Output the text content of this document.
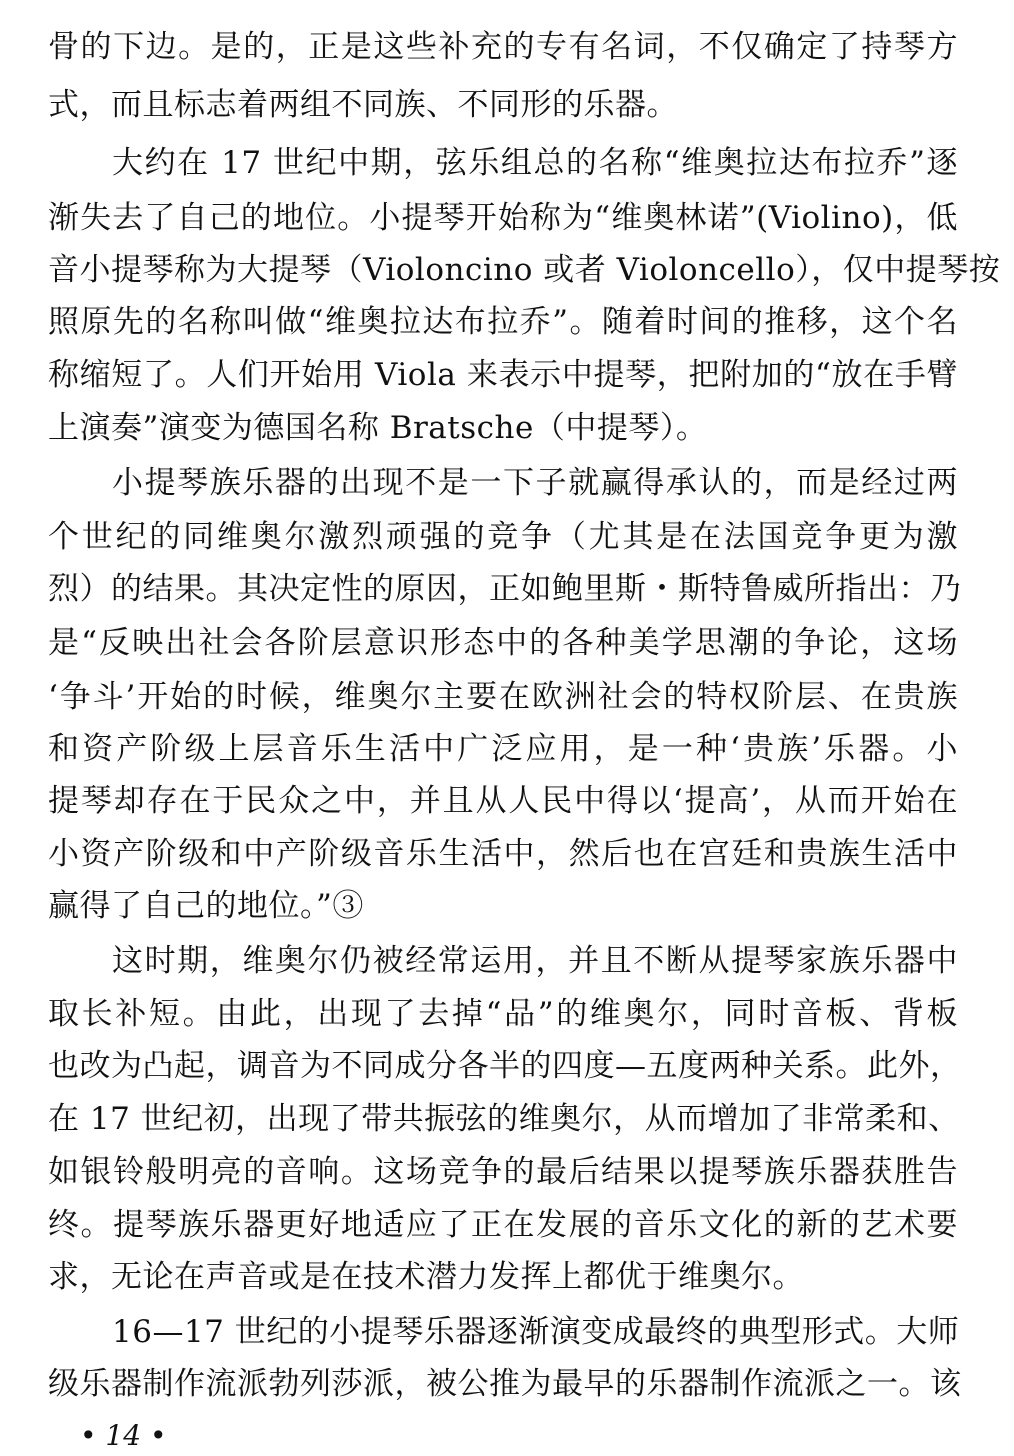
骨的下边。是的，正是这些补充的专有名词，不仅确定了持琴方
式，而且标志着两组不同族、不同形的乐器。
大约在 17 世纪中期，弦乐组总的名称“维奥拉达布拉乔”逐
渐失去了自己的地位。小提琴开始称为“维奥林诺”(Violino)，低
音小提琴称为大提琴（Violoncino 或者 Violoncello），仅中提琴按
照原先的名称叫做“维奥拉达布拉乔”。随着时间的推移，这个名
称缩短了。人们开始用 Viola 来表示中提琴，把附加的“放在手臂
上演奏”演变为德国名称 Bratsche（中提琴）。
小提琴族乐器的出现不是一下子就赢得承认的，而是经过两
个世纪的同维奥尔激烈顽强的竞争（尤其是在法国竞争更为激
烈）的结果。其决定性的原因，正如鲍里斯・斯特鲁威所指出：乃
是“反映出社会各阶层意识形态中的各种美学思潮的争论，这场
‘争斗’开始的时候，维奥尔主要在欧洲社会的特权阶层、在贵族
和资产阶级上层音乐生活中广泛应用，是一种‘贵族’乐器。小
提琴却存在于民众之中，并且从人民中得以‘提高’，从而开始在
小资产阶级和中产阶级音乐生活中，然后也在宫廷和贵族生活中
赢得了自己的地位。”③
这时期，维奥尔仍被经常运用，并且不断从提琴家族乐器中
取长补短。由此，出现了去掉“品”的维奥尔，同时音板、背板
也改为凸起，调音为不同成分各半的四度—五度两种关系。此外，
在 17 世纪初，出现了带共振弦的维奥尔，从而增加了非常柔和、
如银铃般明亮的音响。这场竞争的最后结果以提琴族乐器获胜告
终。提琴族乐器更好地适应了正在发展的音乐文化的新的艺术要
求，无论在声音或是在技术潜力发挥上都优于维奥尔。
16—17 世纪的小提琴乐器逐渐演变成最终的典型形式。大师
级乐器制作流派勃列莎派，被公推为最早的乐器制作流派之一。该
• 14 •
